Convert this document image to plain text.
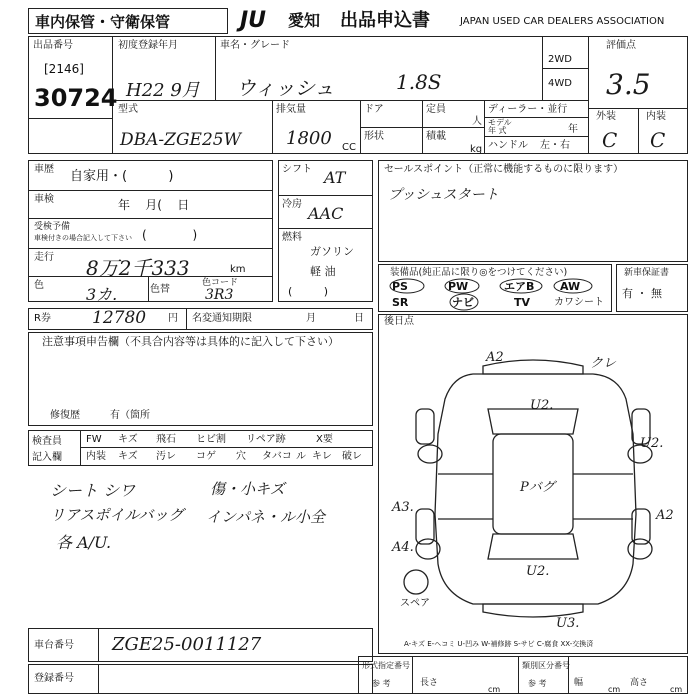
車内保管・守衛保管	JU	愛知 出品申込書	JAPAN USED CAR DEALERS ASSOCIATION
出品番号
[2146]
30724
初度登録年月
H22 9月
車名・グレード
ウィッシュ	1.8S
2WD
4WD
評価点
3.5
型式
DBA-ZGE25W
排気量
1800 CC
ドア
形状
定員
人
積載
kg
ディーラー・並行
モデル
年 式	年
ハンドル 左・右
外装	内装
C C
車歴 自家用・(          )
車検	年    月(    日
受検予備
車検付きの場合記入して下さい (            )
走行 8万2千333	km
色	3カ.	色替
色コード
3R3
R券 12780 円 名変通知期限	月	日
シフト AT
冷房 AAC
燃料
ガソリン
軽 油
(         )
セールスポイント（正常に機能するものに限ります）
プッシュスタート
装備品(純正品に限り◎をつけてください)
PS	PW	エアB AW
SR	ナビ	TV カワシート
新車保証書
有 ・ 無
注意事項申告欄（不具合内容等は具体的に記入して下さい）
修復歴	有（箇所
後日点
検査員
記入欄
FW キズ 飛石 ヒビ割 リペア跡	X要
内装 キズ 汚レ コゲ 穴 タバコ ル キレ 破レ
シート シワ
リアスポイルバッグ
各 A/U.
傷・小キズ
インパネ・ル小全
A2	クレ
U2.
U2.
Pバグ
A3.
A2
A4.
U2.
U3.
スペア
A-キズ E-ヘコミ U-凹み W-補修跡 S-サビ C-腐食 XX-交換済
車台番号 ZGE25-0011127
登録番号
形式指定番号
参 考	長さ
cm
類別区分番号
参 考	幅
cm
高さ
cm
